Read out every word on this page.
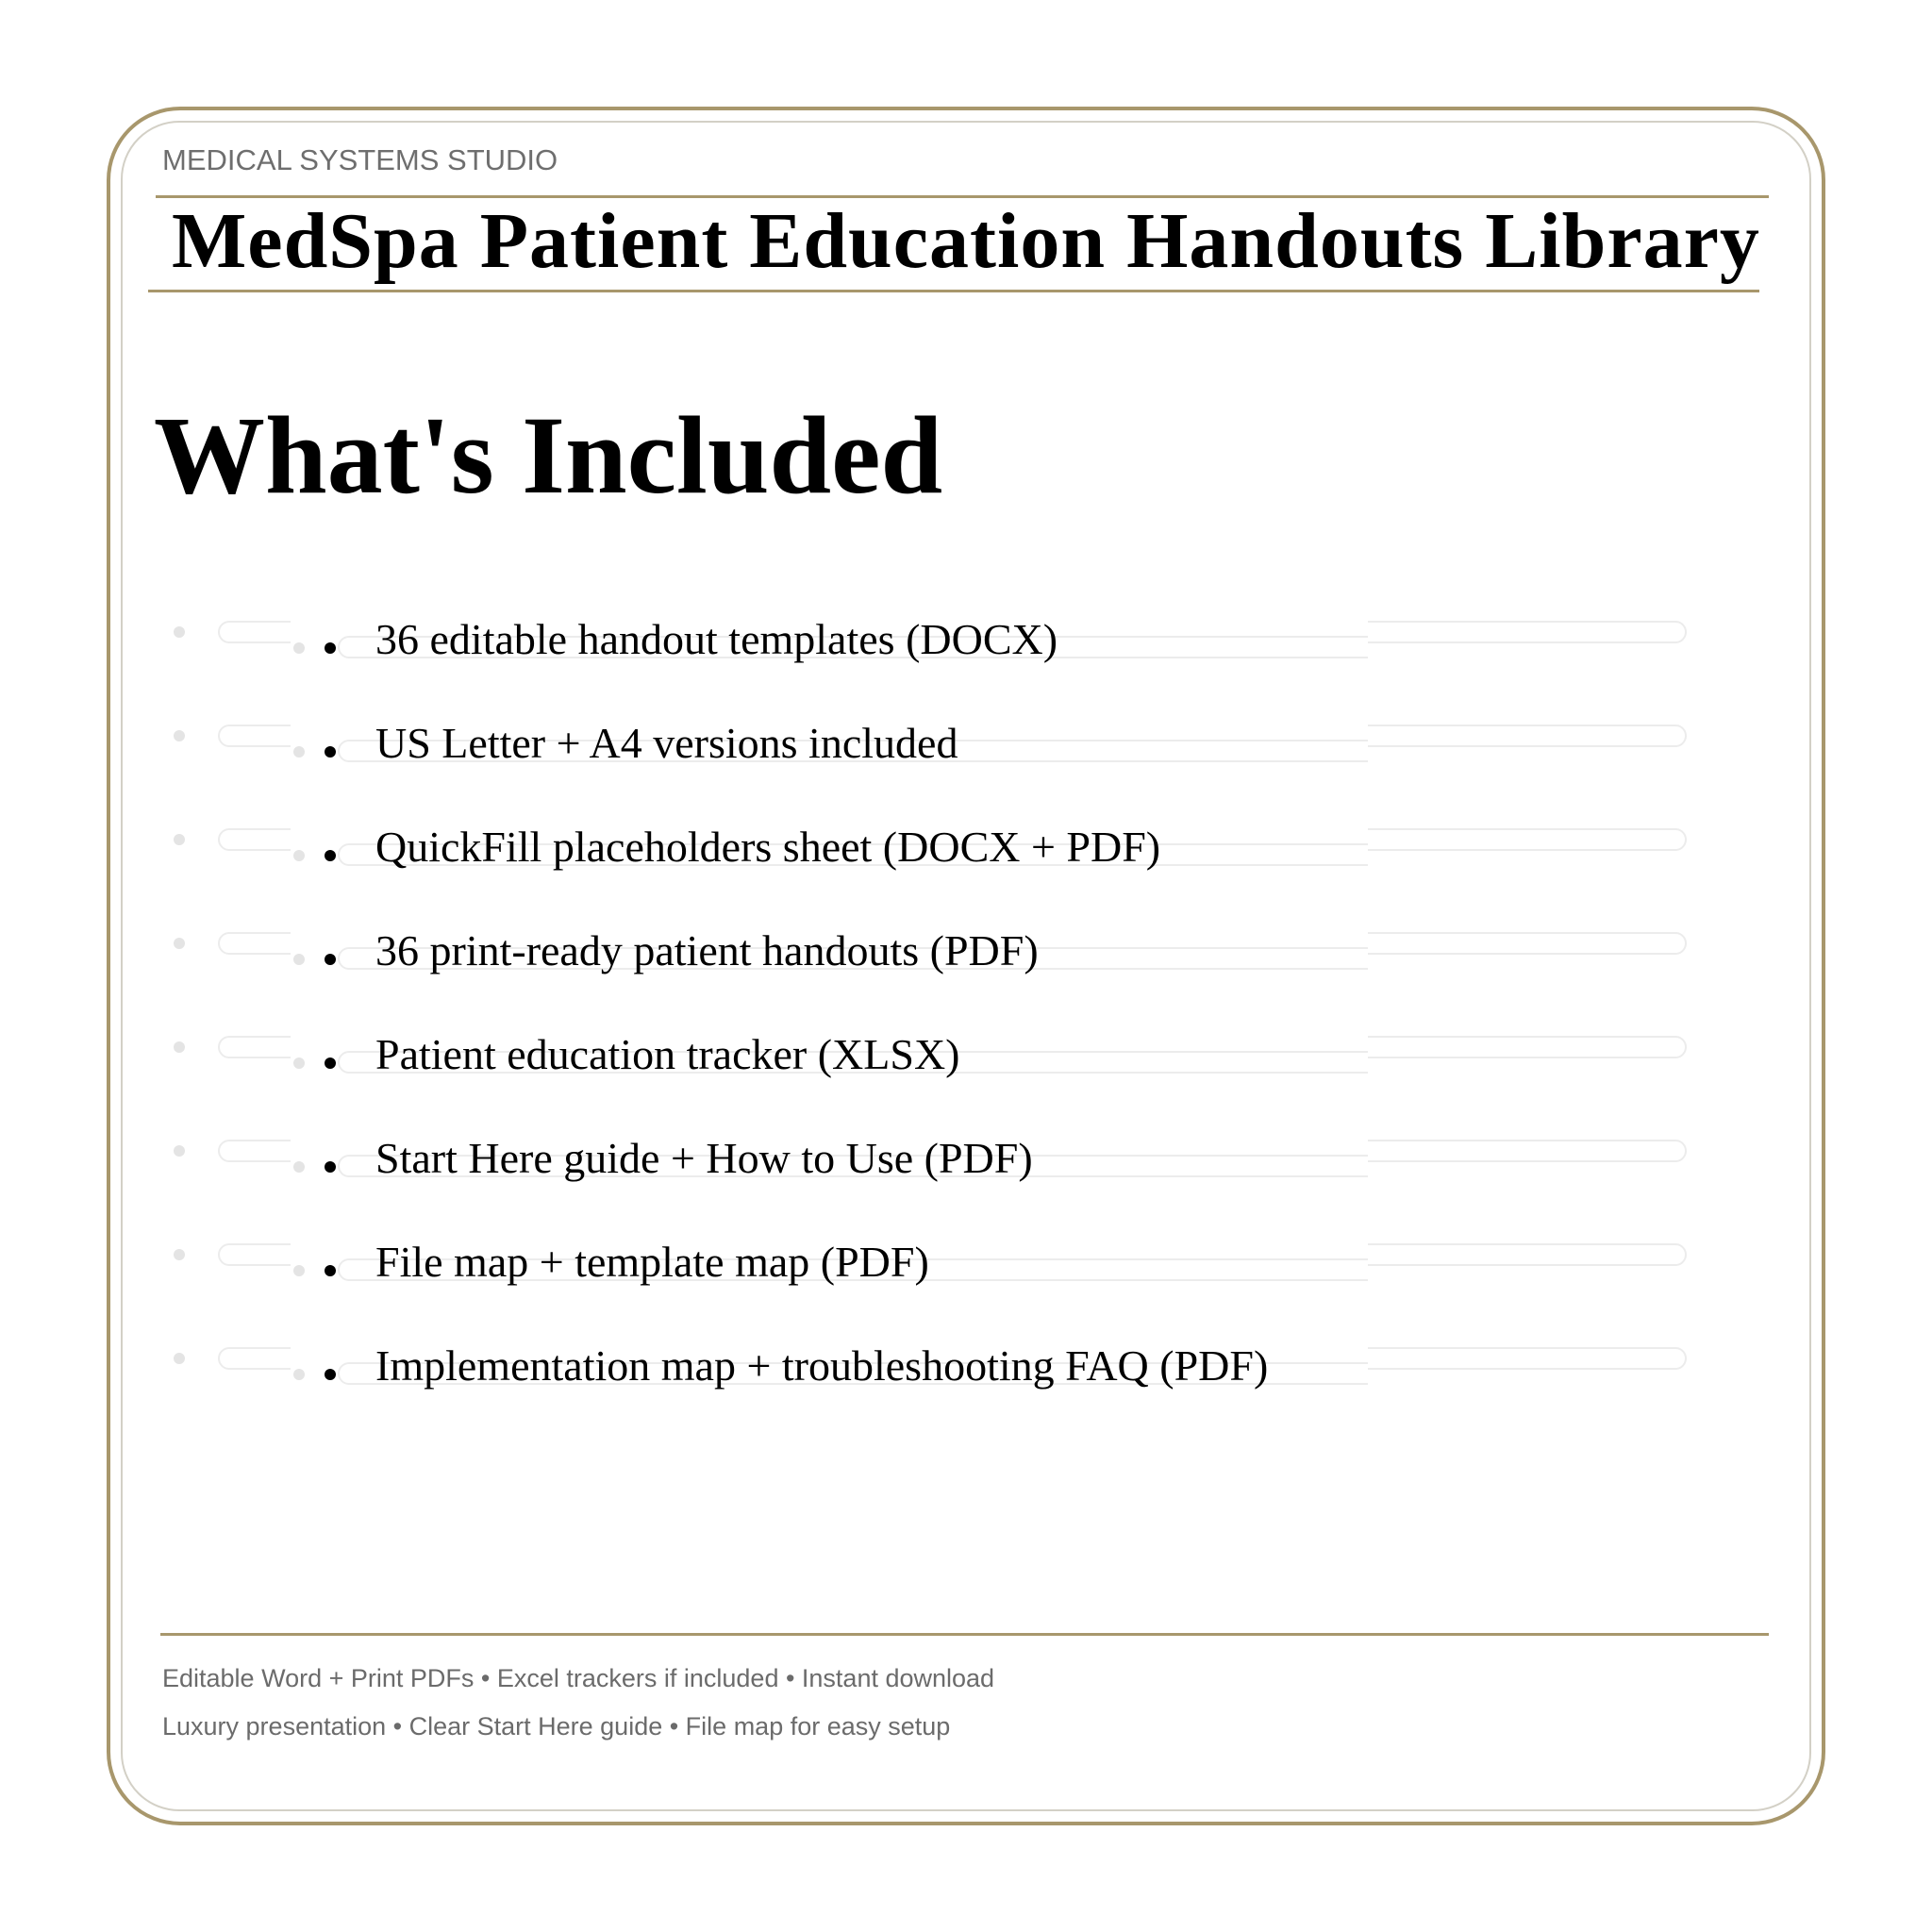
MEDICAL SYSTEMS STUDIO
MedSpa Patient Education Handouts Library
What's Included
36 editable handout templates (DOCX)
US Letter + A4 versions included
QuickFill placeholders sheet (DOCX + PDF)
36 print-ready patient handouts (PDF)
Patient education tracker (XLSX)
Start Here guide + How to Use (PDF)
File map + template map (PDF)
Implementation map + troubleshooting FAQ (PDF)
Editable Word + Print PDFs • Excel trackers if included • Instant download
Luxury presentation • Clear Start Here guide • File map for easy setup
